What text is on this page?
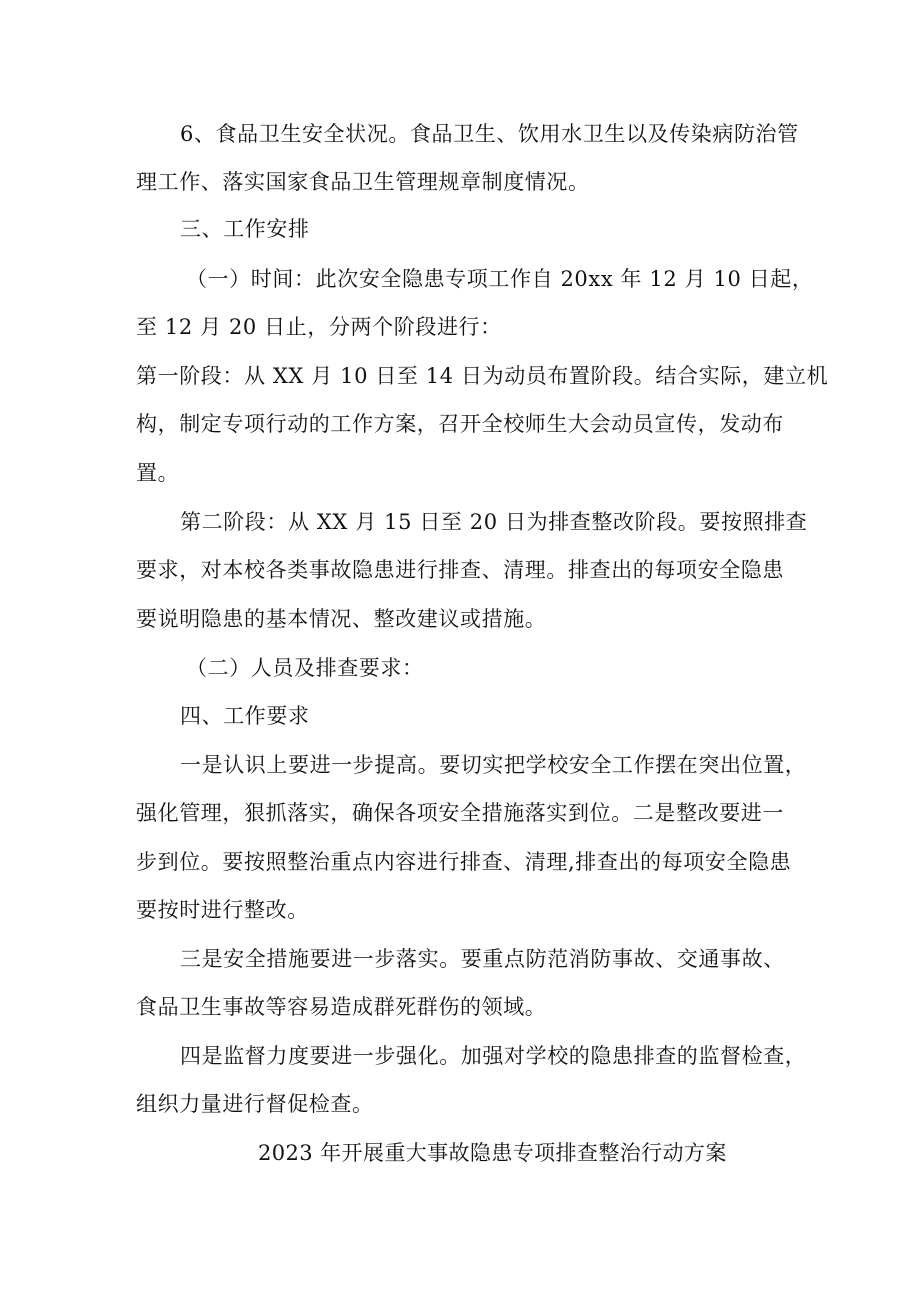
6、食品卫生安全状况。食品卫生、饮用水卫生以及传染病防治管
理工作、落实国家食品卫生管理规章制度情况。
三、工作安排
（一）时间：此次安全隐患专项工作自 20xx 年 12 月 10 日起，
至 12 月 20 日止，分两个阶段进行：
第一阶段：从 XX 月 10 日至 14 日为动员布置阶段。结合实际，建立机
构，制定专项行动的工作方案，召开全校师生大会动员宣传，发动布
置。
第二阶段：从 XX 月 15 日至 20 日为排查整改阶段。要按照排查
要求，对本校各类事故隐患进行排查、清理。排查出的每项安全隐患
要说明隐患的基本情况、整改建议或措施。
（二）人员及排查要求：
四、工作要求
一是认识上要进一步提高。要切实把学校安全工作摆在突出位置，
强化管理，狠抓落实，确保各项安全措施落实到位。二是整改要进一
步到位。要按照整治重点内容进行排查、清理,排查出的每项安全隐患
要按时进行整改。
三是安全措施要进一步落实。要重点防范消防事故、交通事故、
食品卫生事故等容易造成群死群伤的领域。
四是监督力度要进一步强化。加强对学校的隐患排查的监督检查，
组织力量进行督促检查。
2023 年开展重大事故隐患专项排查整治行动方案
